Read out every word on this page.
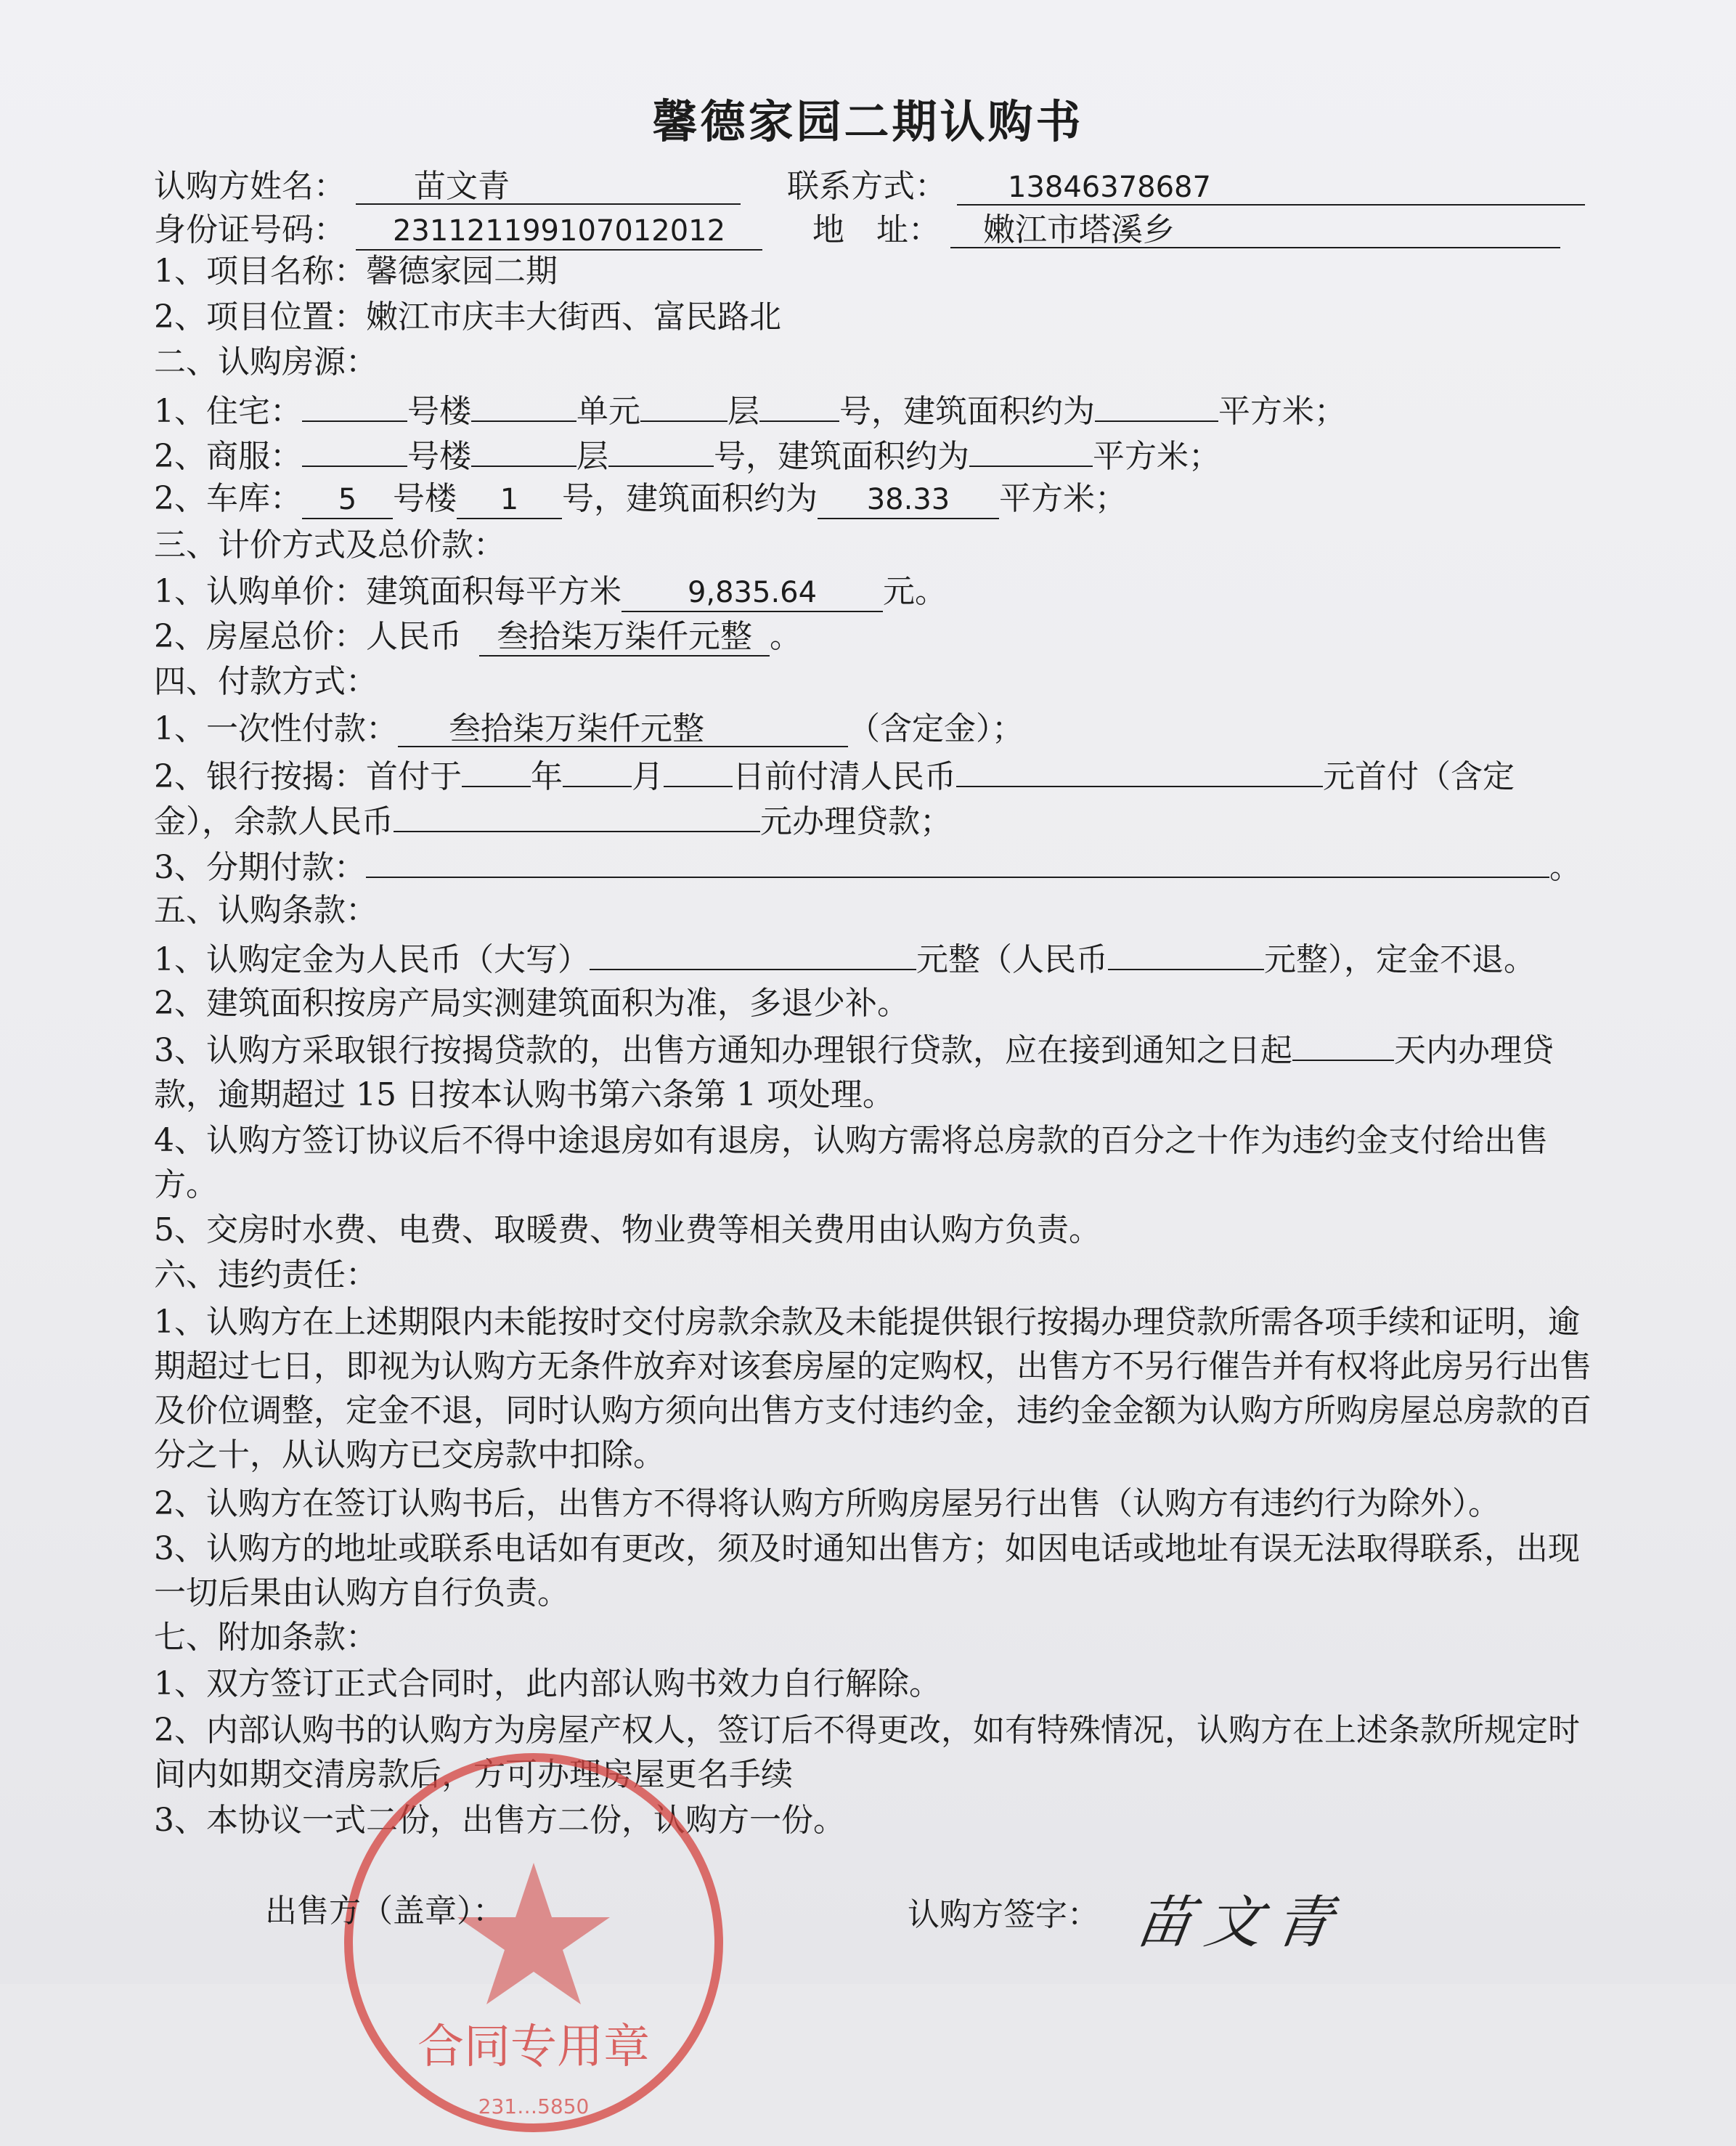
馨德家园二期认购书
认购方姓名： 苗文青	联系方式： 13846378687
身份证号码： 231121199107012012	地　址： 嫩江市塔溪乡
1、项目名称：馨德家园二期
2、项目位置：嫩江市庆丰大街西、富民路北
二、认购房源：
1、住宅：	号楼	单元	层	号，建筑面积约为	平方米；
2、商服：	号楼	层	号，建筑面积约为	平方米；
2、车库： 5 号楼 1 号，建筑面积约为 38.33 平方米；
三、计价方式及总价款：
1、认购单价：建筑面积每平方米 9,835.64 元。
2、房屋总价：人民币 叁拾柒万柒仟元整 。
四、付款方式：
1、一次性付款： 叁拾柒万柒仟元整	（含定金）；
2、银行按揭：首付于 年 月 日前付清人民币	元首付（含定
金），余款人民币	元办理贷款；
3、分期付款：	。
五、认购条款：
1、认购定金为人民币（大写）	元整（人民币	元整），定金不退。
2、建筑面积按房产局实测建筑面积为准，多退少补。
3、认购方采取银行按揭贷款的，出售方通知办理银行贷款，应在接到通知之日起	天内办理贷款，逾期超过 15 日按本认购书第六条第 1 项处理。
4、认购方签订协议后不得中途退房如有退房，认购方需将总房款的百分之十作为违约金支付给出售方。
5、交房时水费、电费、取暖费、物业费等相关费用由认购方负责。
六、违约责任：
1、认购方在上述期限内未能按时交付房款余款及未能提供银行按揭办理贷款所需各项手续和证明，逾期超过七日，即视为认购方无条件放弃对该套房屋的定购权，出售方不另行催告并有权将此房另行出售及价位调整，定金不退，同时认购方须向出售方支付违约金，违约金金额为认购方所购房屋总房款的百分之十，从认购方已交房款中扣除。
2、认购方在签订认购书后，出售方不得将认购方所购房屋另行出售（认购方有违约行为除外）。
3、认购方的地址或联系电话如有更改，须及时通知出售方；如因电话或地址有误无法取得联系，出现一切后果由认购方自行负责。
七、附加条款：
1、双方签订正式合同时，此内部认购书效力自行解除。
2、内部认购书的认购方为房屋产权人，签订后不得更改，如有特殊情况，认购方在上述条款所规定时间内如期交清房款后，方可办理房屋更名手续
3、本协议一式二份，出售方二份，认购方一份。
合同专用章
231…5850
出售方（盖章）：	认购方签字： 苗文青
